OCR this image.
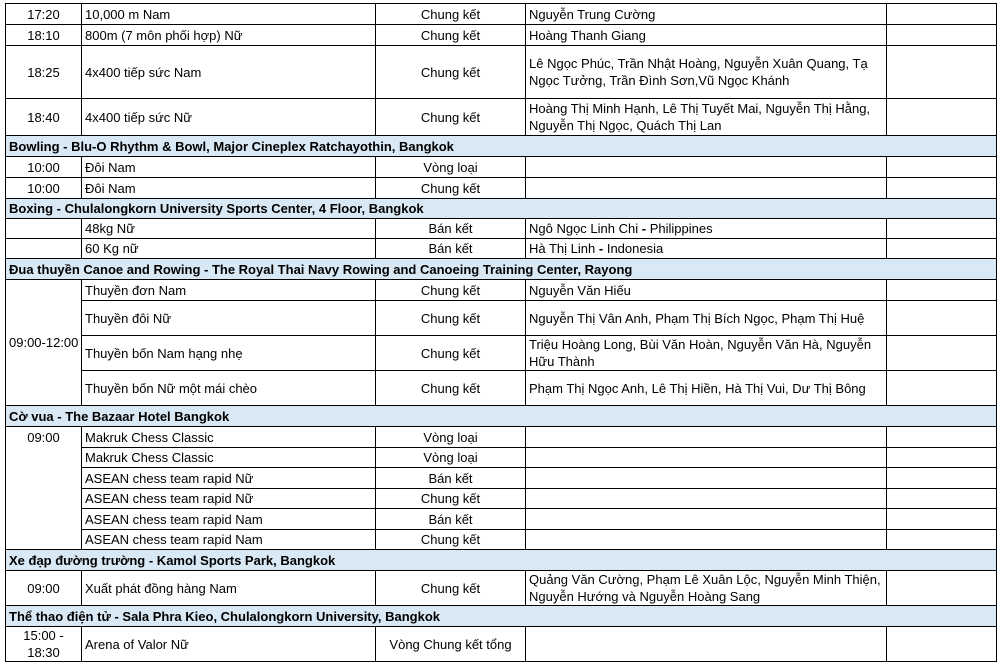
17:20	10,000 m Nam	Chung kết	Nguyễn Trung Cường	
18:10	800m (7 môn phối hợp) Nữ	Chung kết	Hoàng Thanh Giang	
18:25	4x400 tiếp sức Nam	Chung kết	Lê Ngọc Phúc, Trần Nhật Hoàng, Nguyễn Xuân Quang, Tạ Ngọc Tưởng, Trần Đình Sơn,Vũ Ngọc Khánh	
18:40	4x400 tiếp sức Nữ	Chung kết	Hoàng Thị Minh Hạnh, Lê Thị Tuyết Mai, Nguyễn Thị Hằng, Nguyễn Thị Ngọc, Quách Thị Lan	
Bowling - Blu-O Rhythm & Bowl, Major Cineplex Ratchayothin, Bangkok				
10:00	Đôi Nam	Vòng loại		
10:00	Đôi Nam	Chung kết		
Boxing - Chulalongkorn University Sports Center, 4 Floor, Bangkok				
	48kg Nữ	Bán kết	Ngô Ngọc Linh Chi - Philippines	
	60 Kg nữ	Bán kết	Hà Thị Linh - Indonesia	
Đua thuyền Canoe and Rowing - The Royal Thai Navy Rowing and Canoeing Training Center, Rayong				
09:00-12:00	Thuyền đơn Nam	Chung kết	Nguyễn Văn Hiếu	
	Thuyền đôi Nữ	Chung kết	Nguyễn Thị Vân Anh, Phạm Thị Bích Ngọc, Phạm Thị Huệ	
	Thuyền bốn Nam hạng nhẹ	Chung kết	Triệu Hoàng Long, Bùi Văn Hoàn, Nguyễn Văn Hà, Nguyễn Hữu Thành	
	Thuyền bốn Nữ một mái chèo	Chung kết	Phạm Thị Ngọc Anh, Lê Thị Hiền, Hà Thị Vui, Dư Thị Bông	
Cờ vua - The Bazaar Hotel Bangkok				
09:00	Makruk Chess Classic	Vòng loại		
	Makruk Chess Classic	Vòng loại		
	ASEAN chess team rapid Nữ	Bán kết		
	ASEAN chess team rapid Nữ	Chung kết		
	ASEAN chess team rapid Nam	Bán kết		
	ASEAN chess team rapid Nam	Chung kết		
Xe đạp đường trường - Kamol Sports Park, Bangkok				
09:00	Xuất phát đồng hàng Nam	Chung kết	Quảng Văn Cường, Phạm Lê Xuân Lộc, Nguyễn Minh Thiện, Nguyễn Hướng và Nguyễn Hoàng Sang	
Thể thao điện tử - Sala Phra Kieo, Chulalongkorn University, Bangkok				
15:00 - 18:30	Arena of Valor Nữ	Vòng Chung kết tổng		
